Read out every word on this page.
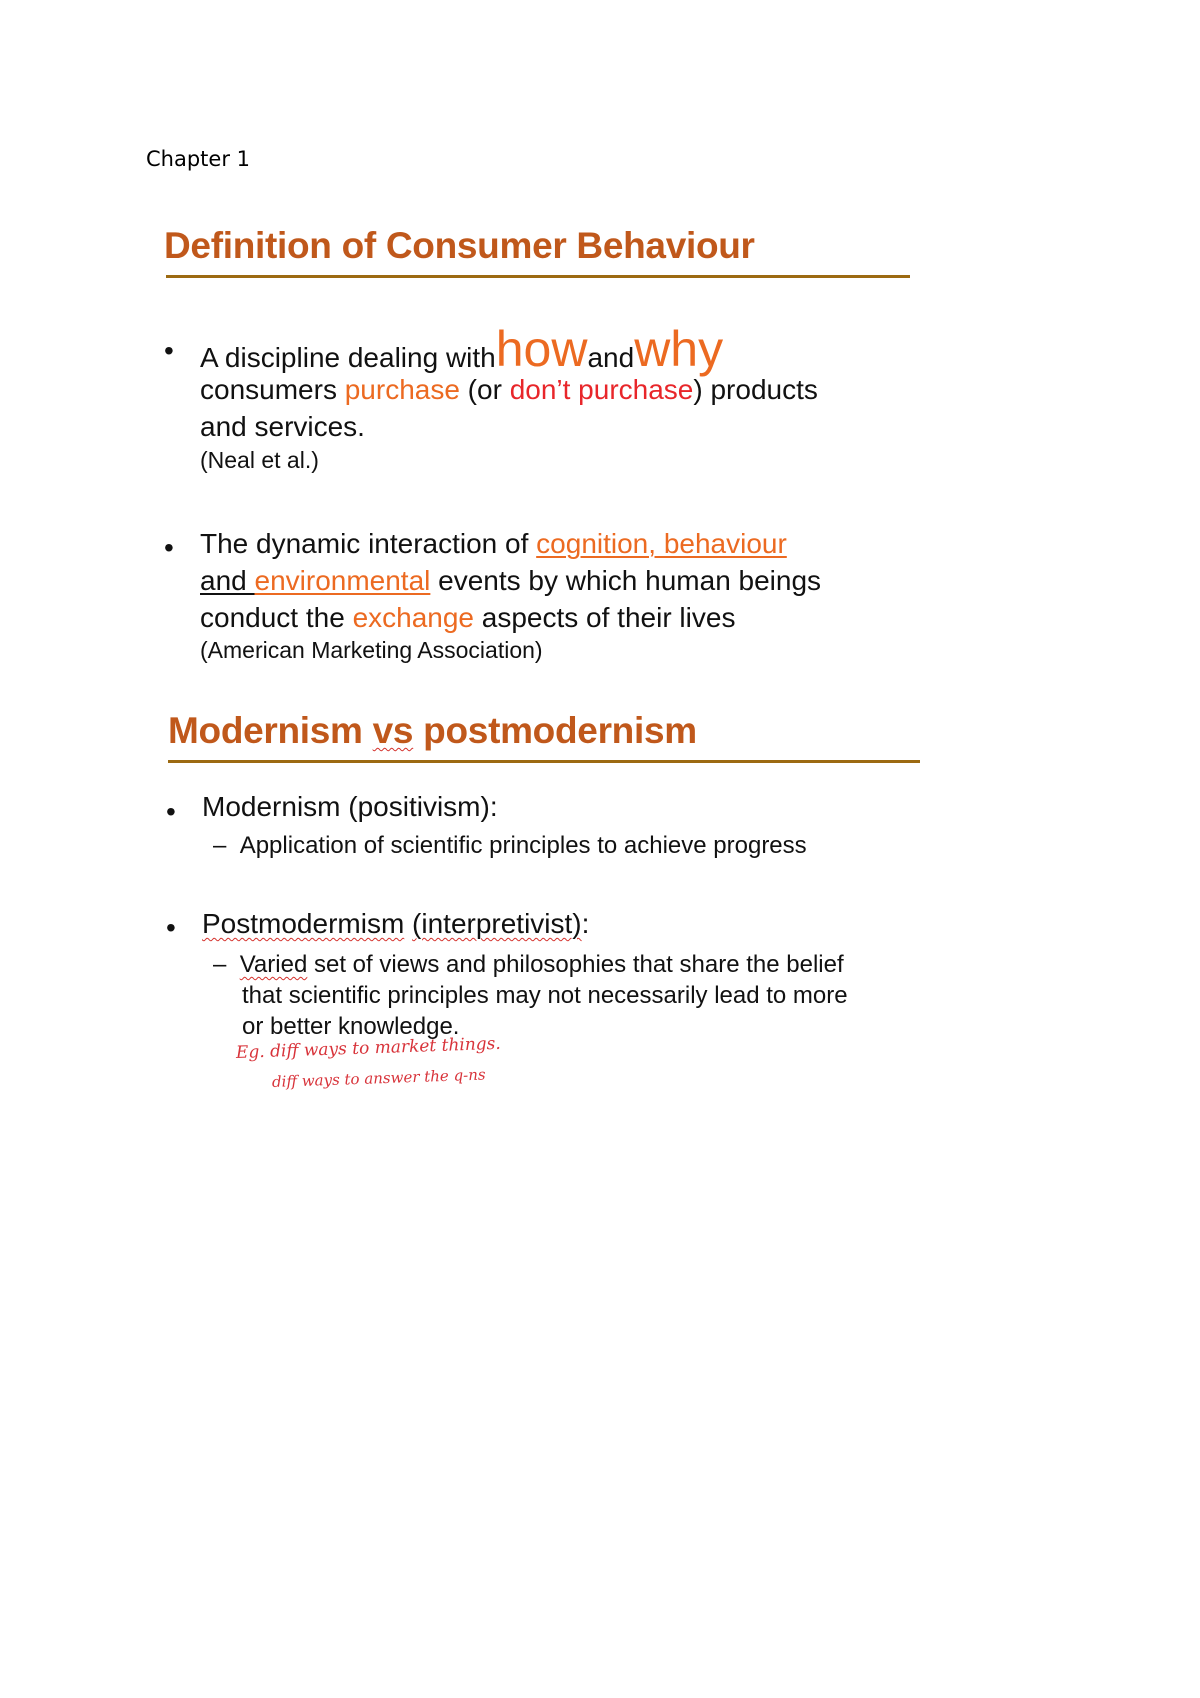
Chapter 1
Definition of Consumer Behaviour
• A discipline dealing with how and why
consumers purchase (or don’t purchase) products
and services.
(Neal et al.)
• The dynamic interaction of cognition, behaviour
and environmental events by which human beings
conduct the exchange aspects of their lives
(American Marketing Association)
Modernism vs postmodernism
• Modernism (positivism):
– Application of scientific principles to achieve progress
• Postmodermism (interpretivist):
– Varied set of views and philosophies that share the belief
that scientific principles may not necessarily lead to more
or better knowledge.
Eg. diff ways to market things.
diff ways to answer the q-ns
